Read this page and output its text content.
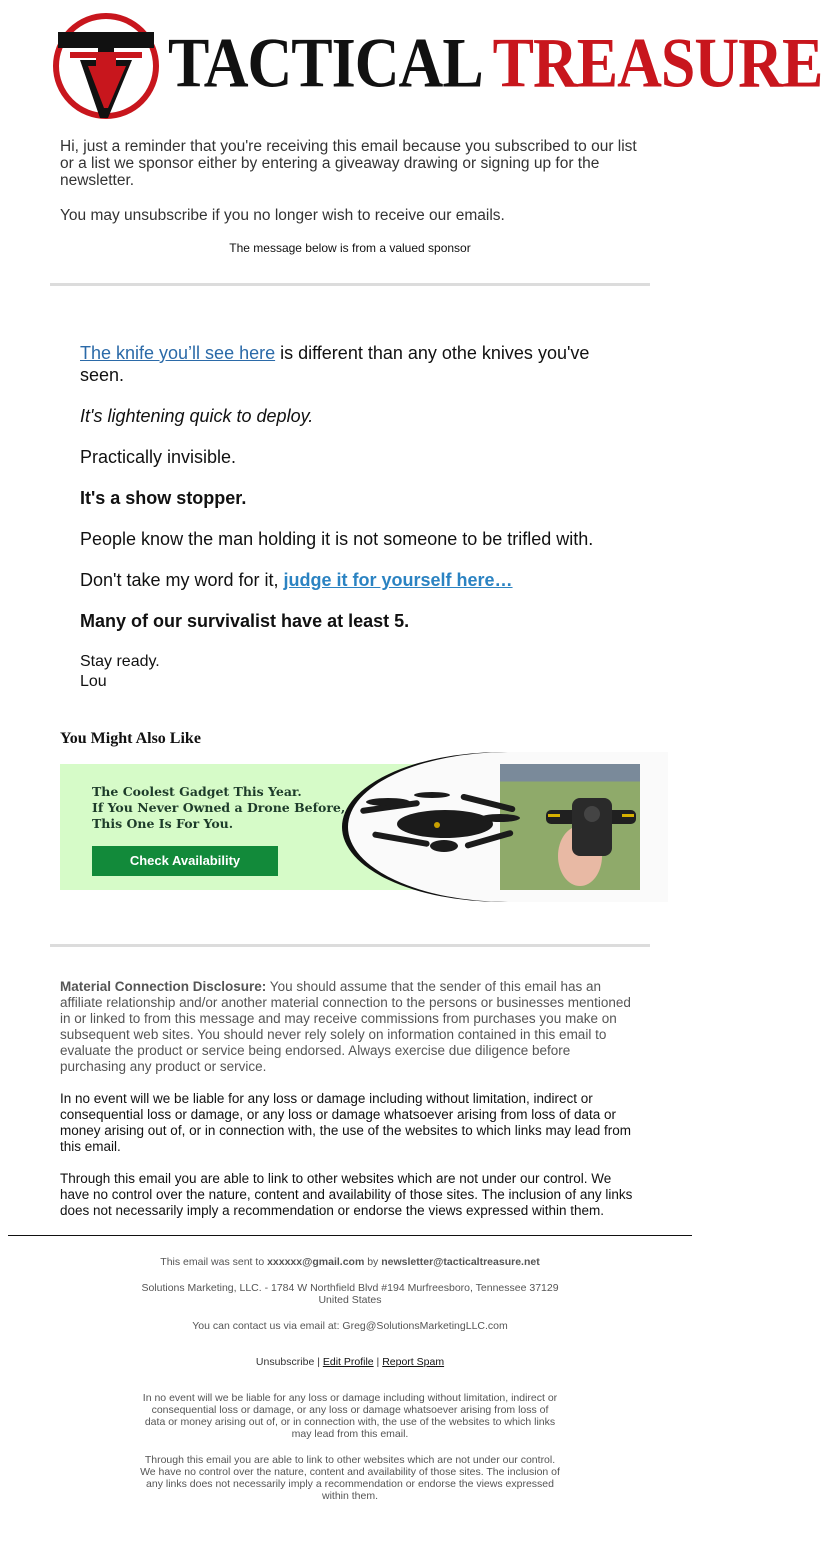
TACTICAL TREASURE

Hi, just a reminder that you're receiving this email because you subscribed to our list or a list we sponsor either by entering a giveaway drawing or signing up for the newsletter.

You may unsubscribe if you no longer wish to receive our emails.

The message below is from a valued sponsor

The knife you’ll see here is different than any othe knives you've seen.

It's lightening quick to deploy.

Practically invisible.

It's a show stopper.

People know the man holding it is not someone to be trifled with.

Don't take my word for it, judge it for yourself here…

Many of our survivalist have at least 5.

Stay ready.
Lou
You Might Also Like
The Coolest Gadget This Year.
If You Never Owned a Drone Before,
This One Is For You.
Check Availability

Material Connection Disclosure: You should assume that the sender of this email has an affiliate relationship and/or another material connection to the persons or businesses mentioned in or linked to from this message and may receive commissions from purchases you make on subsequent web sites. You should never rely solely on information contained in this email to evaluate the product or service being endorsed. Always exercise due diligence before purchasing any product or service.

In no event will we be liable for any loss or damage including without limitation, indirect or consequential loss or damage, or any loss or damage whatsoever arising from loss of data or money arising out of, or in connection with, the use of the websites to which links may lead from this email.

Through this email you are able to link to other websites which are not under our control. We have no control over the nature, content and availability of those sites. The inclusion of any links does not necessarily imply a recommendation or endorse the views expressed within them.

This email was sent to xxxxxx@gmail.com by newsletter@tacticaltreasure.net

Solutions Marketing, LLC. - 1784 W Northfield Blvd #194 Murfreesboro, Tennessee 37129 United States

You can contact us via email at: Greg@SolutionsMarketingLLC.com

Unsubscribe | Edit Profile | Report Spam

In no event will we be liable for any loss or damage including without limitation, indirect or consequential loss or damage, or any loss or damage whatsoever arising from loss of data or money arising out of, or in connection with, the use of the websites to which links may lead from this email.

Through this email you are able to link to other websites which are not under our control. We have no control over the nature, content and availability of those sites. The inclusion of any links does not necessarily imply a recommendation or endorse the views expressed within them.
